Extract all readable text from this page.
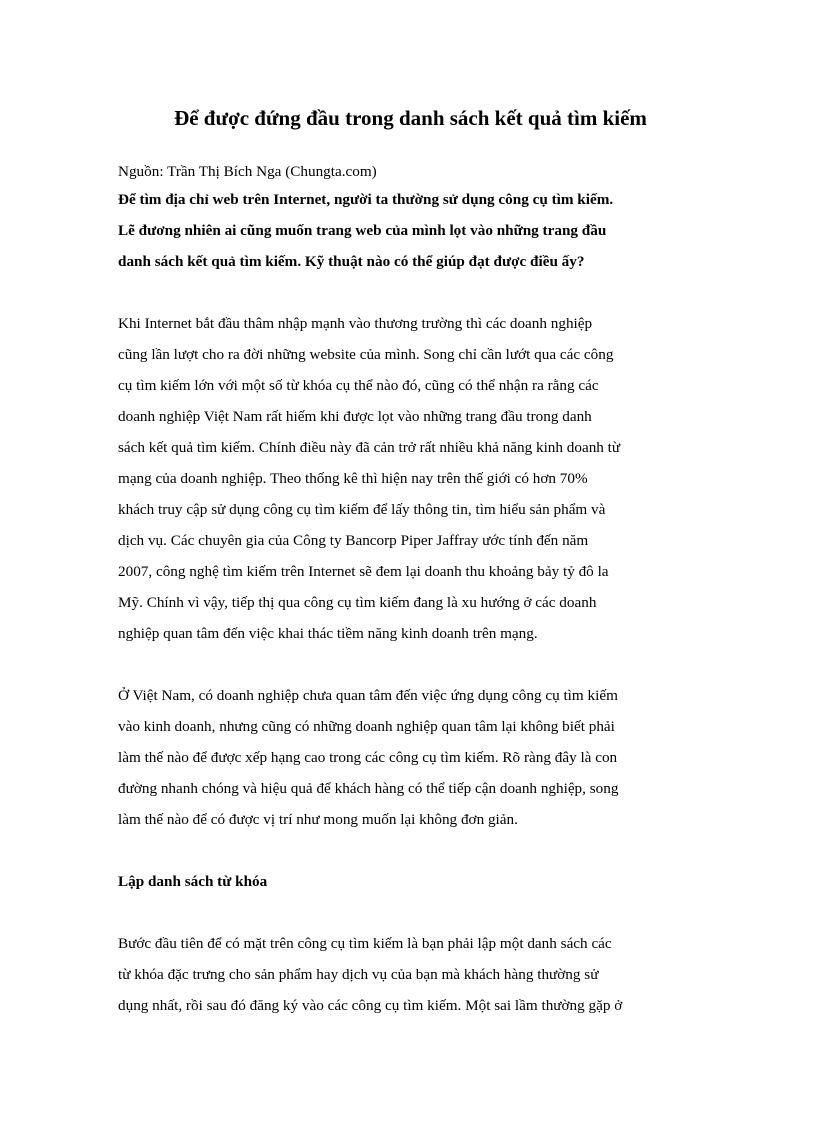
Để được đứng đầu trong danh sách kết quả tìm kiếm

Nguồn: Trần Thị Bích Nga (Chungta.com)

Để tìm địa chỉ web trên Internet, người ta thường sử dụng công cụ tìm kiếm.
Lẽ đương nhiên ai cũng muốn trang web của mình lọt vào những trang đầu
danh sách kết quả tìm kiếm. Kỹ thuật nào có thể giúp đạt được điều ấy?

Khi Internet bắt đầu thâm nhập mạnh vào thương trường thì các doanh nghiệp
cũng lần lượt cho ra đời những website của mình. Song chỉ cần lướt qua các công
cụ tìm kiếm lớn với một số từ khóa cụ thể nào đó, cũng có thể nhận ra rằng các
doanh nghiệp Việt Nam rất hiếm khi được lọt vào những trang đầu trong danh
sách kết quả tìm kiếm. Chính điều này đã cản trở rất nhiều khả năng kinh doanh từ
mạng của doanh nghiệp. Theo thống kê thì hiện nay trên thế giới có hơn 70%
khách truy cập sử dụng công cụ tìm kiếm để lấy thông tin, tìm hiểu sản phẩm và
dịch vụ. Các chuyên gia của Công ty Bancorp Piper Jaffray ước tính đến năm
2007, công nghệ tìm kiếm trên Internet sẽ đem lại doanh thu khoảng bảy tỷ đô la
Mỹ. Chính vì vậy, tiếp thị qua công cụ tìm kiếm đang là xu hướng ở các doanh
nghiệp quan tâm đến việc khai thác tiềm năng kinh doanh trên mạng.

Ở Việt Nam, có doanh nghiệp chưa quan tâm đến việc ứng dụng công cụ tìm kiếm
vào kinh doanh, nhưng cũng có những doanh nghiệp quan tâm lại không biết phải
làm thế nào để được xếp hạng cao trong các công cụ tìm kiếm. Rõ ràng đây là con
đường nhanh chóng và hiệu quả để khách hàng có thể tiếp cận doanh nghiệp, song
làm thế nào để có được vị trí như mong muốn lại không đơn giản.

Lập danh sách từ khóa

Bước đầu tiên để có mặt trên công cụ tìm kiếm là bạn phải lập một danh sách các
từ khóa đặc trưng cho sản phẩm hay dịch vụ của bạn mà khách hàng thường sử
dụng nhất, rồi sau đó đăng ký vào các công cụ tìm kiếm. Một sai lầm thường gặp ở
